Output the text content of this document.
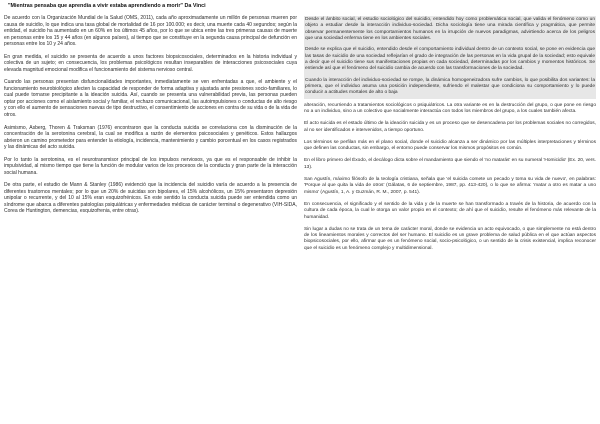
"Mientras pensaba que aprendía a vivir estaba aprendiendo a morir" Da Vinci

De acuerdo con la Organización Mundial de la Salud (OMS, 2011), cada año aproximadamente un millón de personas mueren por causa de suicidio, lo que indica una tasa global de mortalidad de 16 por 100.000; es decir, una muerte cada 40 segundos; según la entidad, el suicidio ha aumentado en un 60% en los últimos 45 años, por lo que se ubica entre las tres primeras causas de muerte en personas entre los 15 y 44 años (en algunos países), al tiempo que se constituye en la segunda causa principal de defunción en personas entre los 10 y 24 años.

En gran medida, el suicidio se presenta de acuerdo a unos factores biopsicosociales, determinados en la historia individual y colectiva de un sujeto; en consecuencia, los problemas psicológicos resultan inseparables de interacciones psicosociales cuya elevada magnitud emocional modifica el funcionamiento del sistema nervioso central.

Cuando las personas presentan disfuncionalidades importantes, inmediatamente se ven enfrentadas a que, el ambiente y el funcionamiento neurobiológico afecten la capacidad de responder de forma adaptiva y ajustada ante presiones socio-familiares, lo cual puede tornarse precipitante a la ideación suicida. Así, cuando se presenta una vulnerabilidad previa, las personas pueden optar por acciones como el aislamiento social y familiar, el rechazo comunicacional, las autoimpulsiones o conductas de alto riesgo y con ello el aumento de sensaciones nuevas de tipo destructivo, el consentimiento de acciones en contra de su vida o de la vida de otros.

Asimismo, Asberg, Thoren & Traksman (1976) encontraron que la conducta suicida se correlaciona con la disminución de la concentración de la serotonina cerebral, la cual se modifica a razón de elementos psicosociales y genéticos. Estos hallazgos abrieron un camino prometedor para entender la etiología, incidencia, mantenimiento y cambio porcentual en los casos registrados y las dinámicas del acto suicida.

Por lo tanto la serotonina, es el neurotransmisor principal de los impulsos nerviosos, ya que es el responsable de inhibir la impulsividad, al mismo tiempo que tiene la función de modular varios de los procesos de la conducta y gran parte de la interacción social humana.

De otra parte, el estudio de Mann & Stanley (1986) evidenció que la incidencia del suicidio varía de acuerdo a la presencia de diferentes trastornos mentales; por lo que un 20% de suicidas son bipolares, el 15% alcohólicos, un 15% presentaron depresión unipolar o recurrente, y del 10 al 15% eran esquizofrénicos. En este sentido la conducta suicida puede ser entendida como un síndrome que abarca a diferentes patologías psiquiátricas y enfermedades médicas de carácter terminal o degenerativo (VIH-SIDA, Corea de Huntington, demencias, esquizofrenia, entre otras).

Desde el ámbito social, el estudio sociológico del suicidio, entendido hoy como problemática social, que valida el fenómeno como un objeto a estudiar desde la interacción individuo-sociedad. Dicha sociología tiene una mirada científica y pragmática, que permite observar permanentemente los comportamientos humanos en la irrupción de nuevos paradigmas, advirtiendo acerca de los peligros que una sociedad enferma tiene en los ambientes sociales.

Desde se explica que el suicidio, entendido desde el comportamiento individual dentro de un contexto social, se pone en evidencia que las tasas de suicidio de una sociedad reflejarían el grado de integración de las personas en la vida grupal de la sociedad; esto equivale a decir que el suicidio tiene sus manifestaciones propias en cada sociedad, determinadas por los cambios y momentos históricos. Se entiende así que el fenómeno del suicidio cambia de acuerdo con las transformaciones de la sociedad.

Cuando la interacción del individuo-sociedad se rompe, la dinámica homogeneizadora sufre cambios, lo que posibilita dos variantes: la primera, que el individuo asuma una posición independiente, sufriendo el malestar que condiciona su comportamiento y lo puede conducir a actitudes mortales de alto o baja

alteración, recurriendo a tratamientos sociológicos o psiquiátricos. La otra variante es en la destrucción del grupo, o que pone en riesgo no a un individuo, sino a un colectivo que socialmente interactúa con todos los miembros del grupo, a los cuales también afecta.

El acto suicida es el estado último de la ideación suicida y es un proceso que se desencadena por los problemas sociales no corregidos, al no ser identificados e intervenidos, a tiempo oportuno.

Los términos se perfilan más en el plano social, donde el suicidio alcanza a ser dinámico por las múltiples interpretaciones y términos que definen las conductas, sin embargo, el entorno puede conservar los mismos propósitos en común.

En el libro primero del Éxodo, el decálogo dicta sobre el mandamiento que siendo el 'no matarás' en su numeral 'Homicidio' (Ex. 20, vers. 13).

San Agustín, máximo filósofo de la teología cristiana, señala que 'el suicida comete un pecado y toma su vida de nuevo', en palabras: 'Porque al que quita la vida de otros' (Gálatas, 6 de septiembre, 1987, pp. 413-420), o lo que se afirma: 'matar a otro es matar a uno mismo' (Agustín, 1, A. y Guzmán, R. M., 2007, p. 541).

En consecuencia, el significado y el sentido de la vida y de la muerte se han transformado a través de la historia, de acuerdo con la cultura de cada época, la cual le otorga un valor propio en el contexto; de ahí que el suicidio, resulte el fenómeno más relevante de la humanidad.

Sin lugar a dudas no se trata de un tema de carácter moral, donde se evidencia un acto equivocado, o que simplemente no está dentro de los lineamientos morales y correctos del ser humano. El suicidio es un grave problema de salud pública en el que actúan aspectos biopsicosociales, por ello, afirmar que es un fenómeno social, socio-psicológico, o un sentido de la crisis existencial, implica reconocer que el suicidio es un fenómeno complejo y multidimensional.
